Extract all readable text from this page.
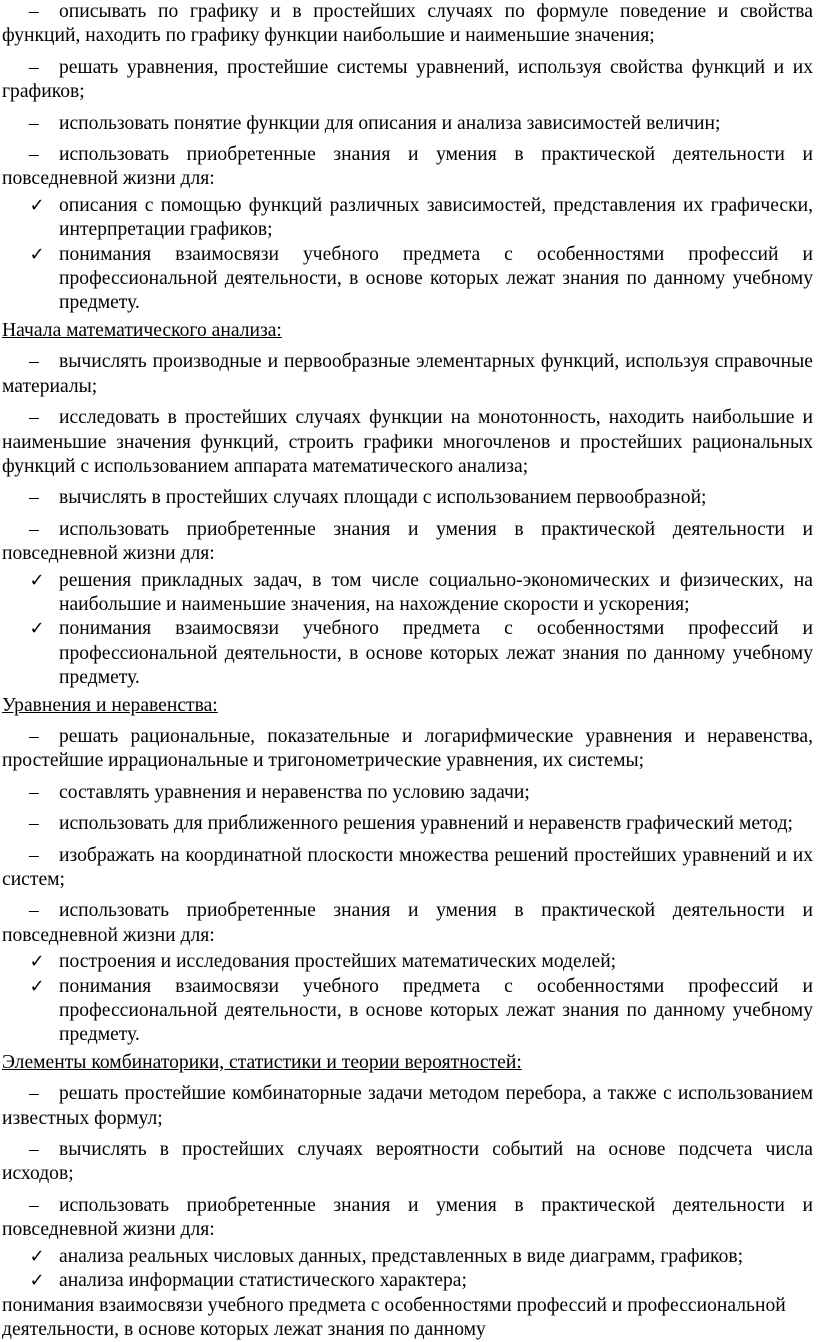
– описывать по графику и в простейших случаях по формуле поведение и свойства функций, находить по графику функции наибольшие и наименьшие значения;

– решать уравнения, простейшие системы уравнений, используя свойства функций и их графиков;

– использовать понятие функции для описания и анализа зависимостей величин;

– использовать приобретенные знания и умения в практической деятельности и повседневной жизни для:

✓ описания с помощью функций различных зависимостей, представления их графически, интерпретации графиков;
✓ понимания взаимосвязи учебного предмета с особенностями профессий и профессиональной деятельности, в основе которых лежат знания по данному учебному предмету.

Начала математического анализа:

– вычислять производные и первообразные элементарных функций, используя справочные материалы;

– исследовать в простейших случаях функции на монотонность, находить наибольшие и наименьшие значения функций, строить графики многочленов и простейших рациональных функций с использованием аппарата математического анализа;

– вычислять в простейших случаях площади с использованием первообразной;

– использовать приобретенные знания и умения в практической деятельности и повседневной жизни для:

✓ решения прикладных задач, в том числе социально-экономических и физических, на наибольшие и наименьшие значения, на нахождение скорости и ускорения;
✓ понимания взаимосвязи учебного предмета с особенностями профессий и профессиональной деятельности, в основе которых лежат знания по данному учебному предмету.

Уравнения и неравенства:

– решать рациональные, показательные и логарифмические уравнения и неравенства, простейшие иррациональные и тригонометрические уравнения, их системы;

– составлять уравнения и неравенства по условию задачи;

– использовать для приближенного решения уравнений и неравенств графический метод;

– изображать на координатной плоскости множества решений простейших уравнений и их систем;

– использовать приобретенные знания и умения в практической деятельности и повседневной жизни для:

✓ построения и исследования простейших математических моделей;
✓ понимания взаимосвязи учебного предмета с особенностями профессий и профессиональной деятельности, в основе которых лежат знания по данному учебному предмету.

Элементы комбинаторики, статистики и теории вероятностей:

– решать простейшие комбинаторные задачи методом перебора, а также с использованием известных формул;

– вычислять в простейших случаях вероятности событий на основе подсчета числа исходов;

– использовать приобретенные знания и умения в практической деятельности и повседневной жизни для:

✓ анализа реальных числовых данных, представленных в виде диаграмм, графиков;
✓ анализа информации статистического характера;

понимания взаимосвязи учебного предмета с особенностями профессий и профессиональной деятельности, в основе которых лежат знания по данному
